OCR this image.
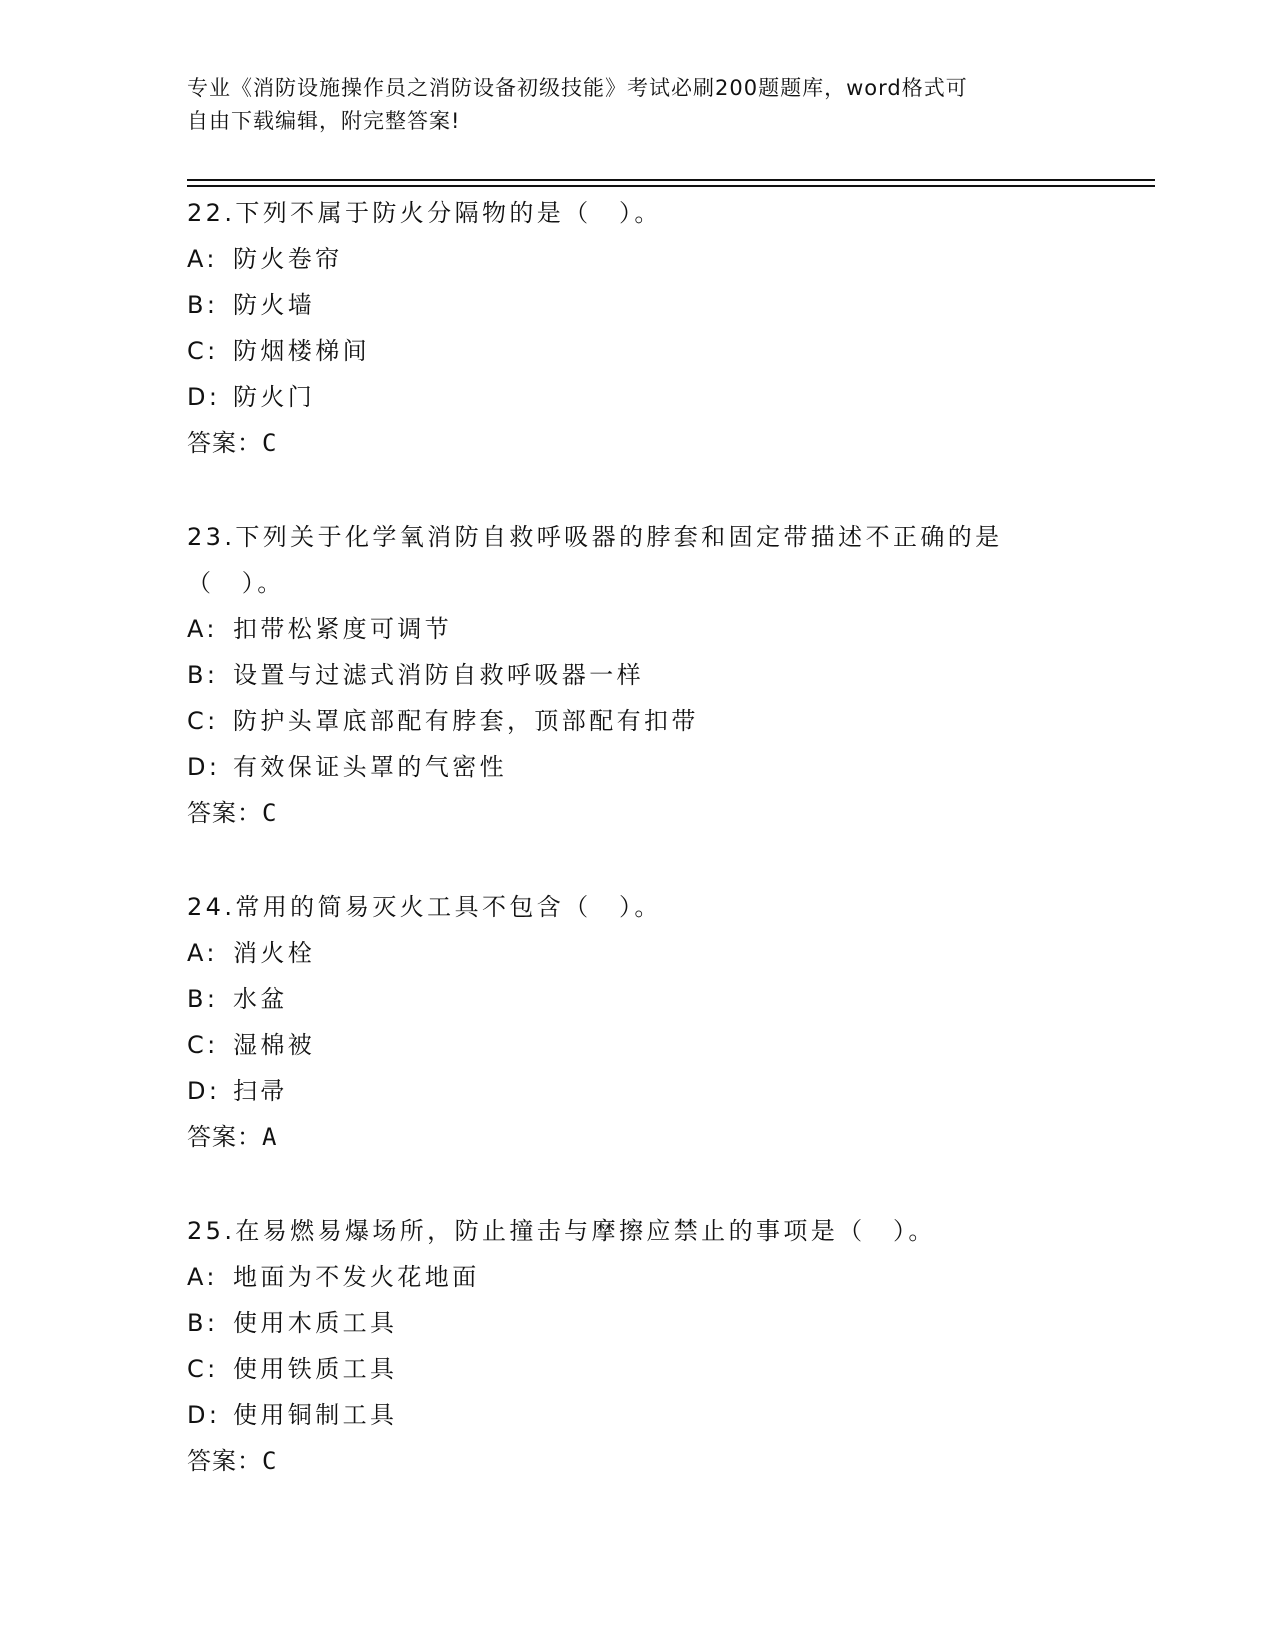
专业《消防设施操作员之消防设备初级技能》考试必刷200题题库，word格式可
自由下载编辑，附完整答案!
22.下列不属于防火分隔物的是（　）。
A: 防火卷帘
B: 防火墙
C: 防烟楼梯间
D: 防火门
答案：C
23.下列关于化学氧消防自救呼吸器的脖套和固定带描述不正确的是（　）。
A: 扣带松紧度可调节
B: 设置与过滤式消防自救呼吸器一样
C: 防护头罩底部配有脖套，顶部配有扣带
D: 有效保证头罩的气密性
答案：C
24.常用的简易灭火工具不包含（　）。
A: 消火栓
B: 水盆
C: 湿棉被
D: 扫帚
答案：A
25.在易燃易爆场所，防止撞击与摩擦应禁止的事项是（　）。
A: 地面为不发火花地面
B: 使用木质工具
C: 使用铁质工具
D: 使用铜制工具
答案：C
